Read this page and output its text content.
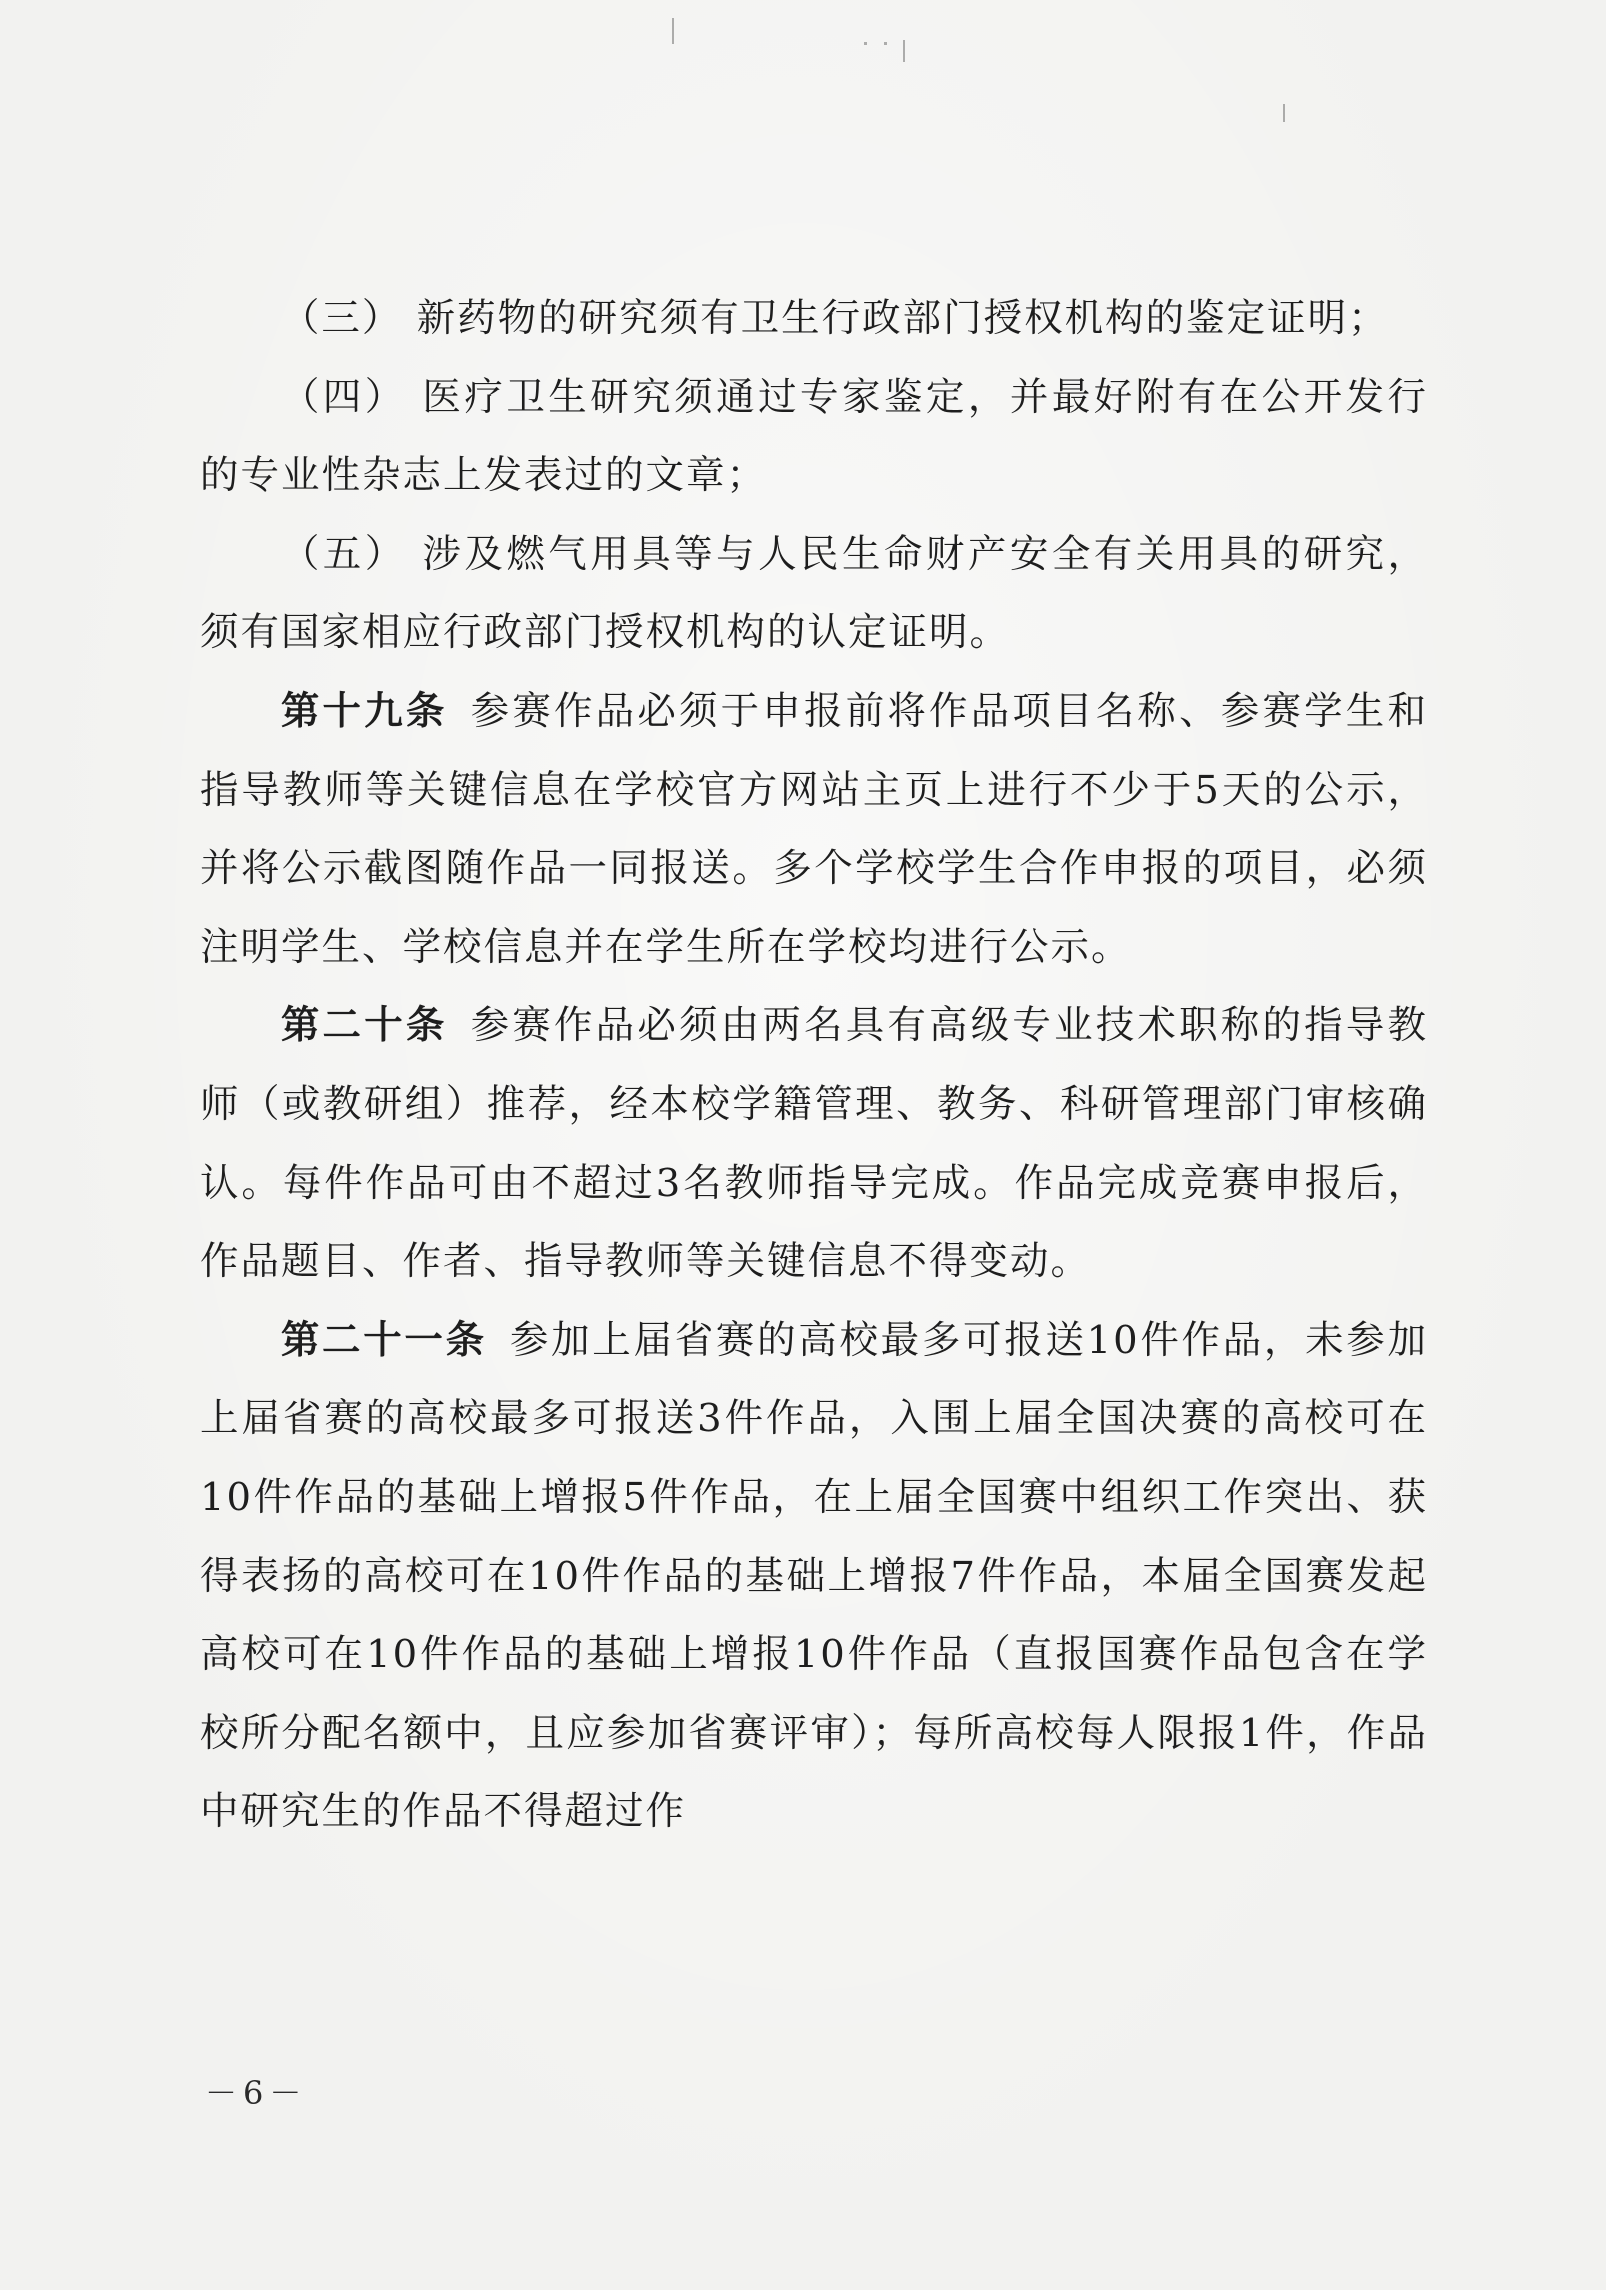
（三） 新药物的研究须有卫生行政部门授权机构的鉴定证明；

（四） 医疗卫生研究须通过专家鉴定，并最好附有在公开发行的专业性杂志上发表过的文章；

（五） 涉及燃气用具等与人民生命财产安全有关用具的研究，须有国家相应行政部门授权机构的认定证明。

第十九条 参赛作品必须于申报前将作品项目名称、参赛学生和指导教师等关键信息在学校官方网站主页上进行不少于5天的公示，并将公示截图随作品一同报送。多个学校学生合作申报的项目，必须注明学生、学校信息并在学生所在学校均进行公示。

第二十条 参赛作品必须由两名具有高级专业技术职称的指导教师（或教研组）推荐，经本校学籍管理、教务、科研管理部门审核确认。每件作品可由不超过3名教师指导完成。作品完成竞赛申报后，作品题目、作者、指导教师等关键信息不得变动。

第二十一条 参加上届省赛的高校最多可报送10件作品，未参加上届省赛的高校最多可报送3件作品，入围上届全国决赛的高校可在10件作品的基础上增报5件作品，在上届全国赛中组织工作突出、获得表扬的高校可在10件作品的基础上增报7件作品，本届全国赛发起高校可在10件作品的基础上增报10件作品（直报国赛作品包含在学校所分配名额中，且应参加省赛评审）；每所高校每人限报1件，作品中研究生的作品不得超过作

－6－
